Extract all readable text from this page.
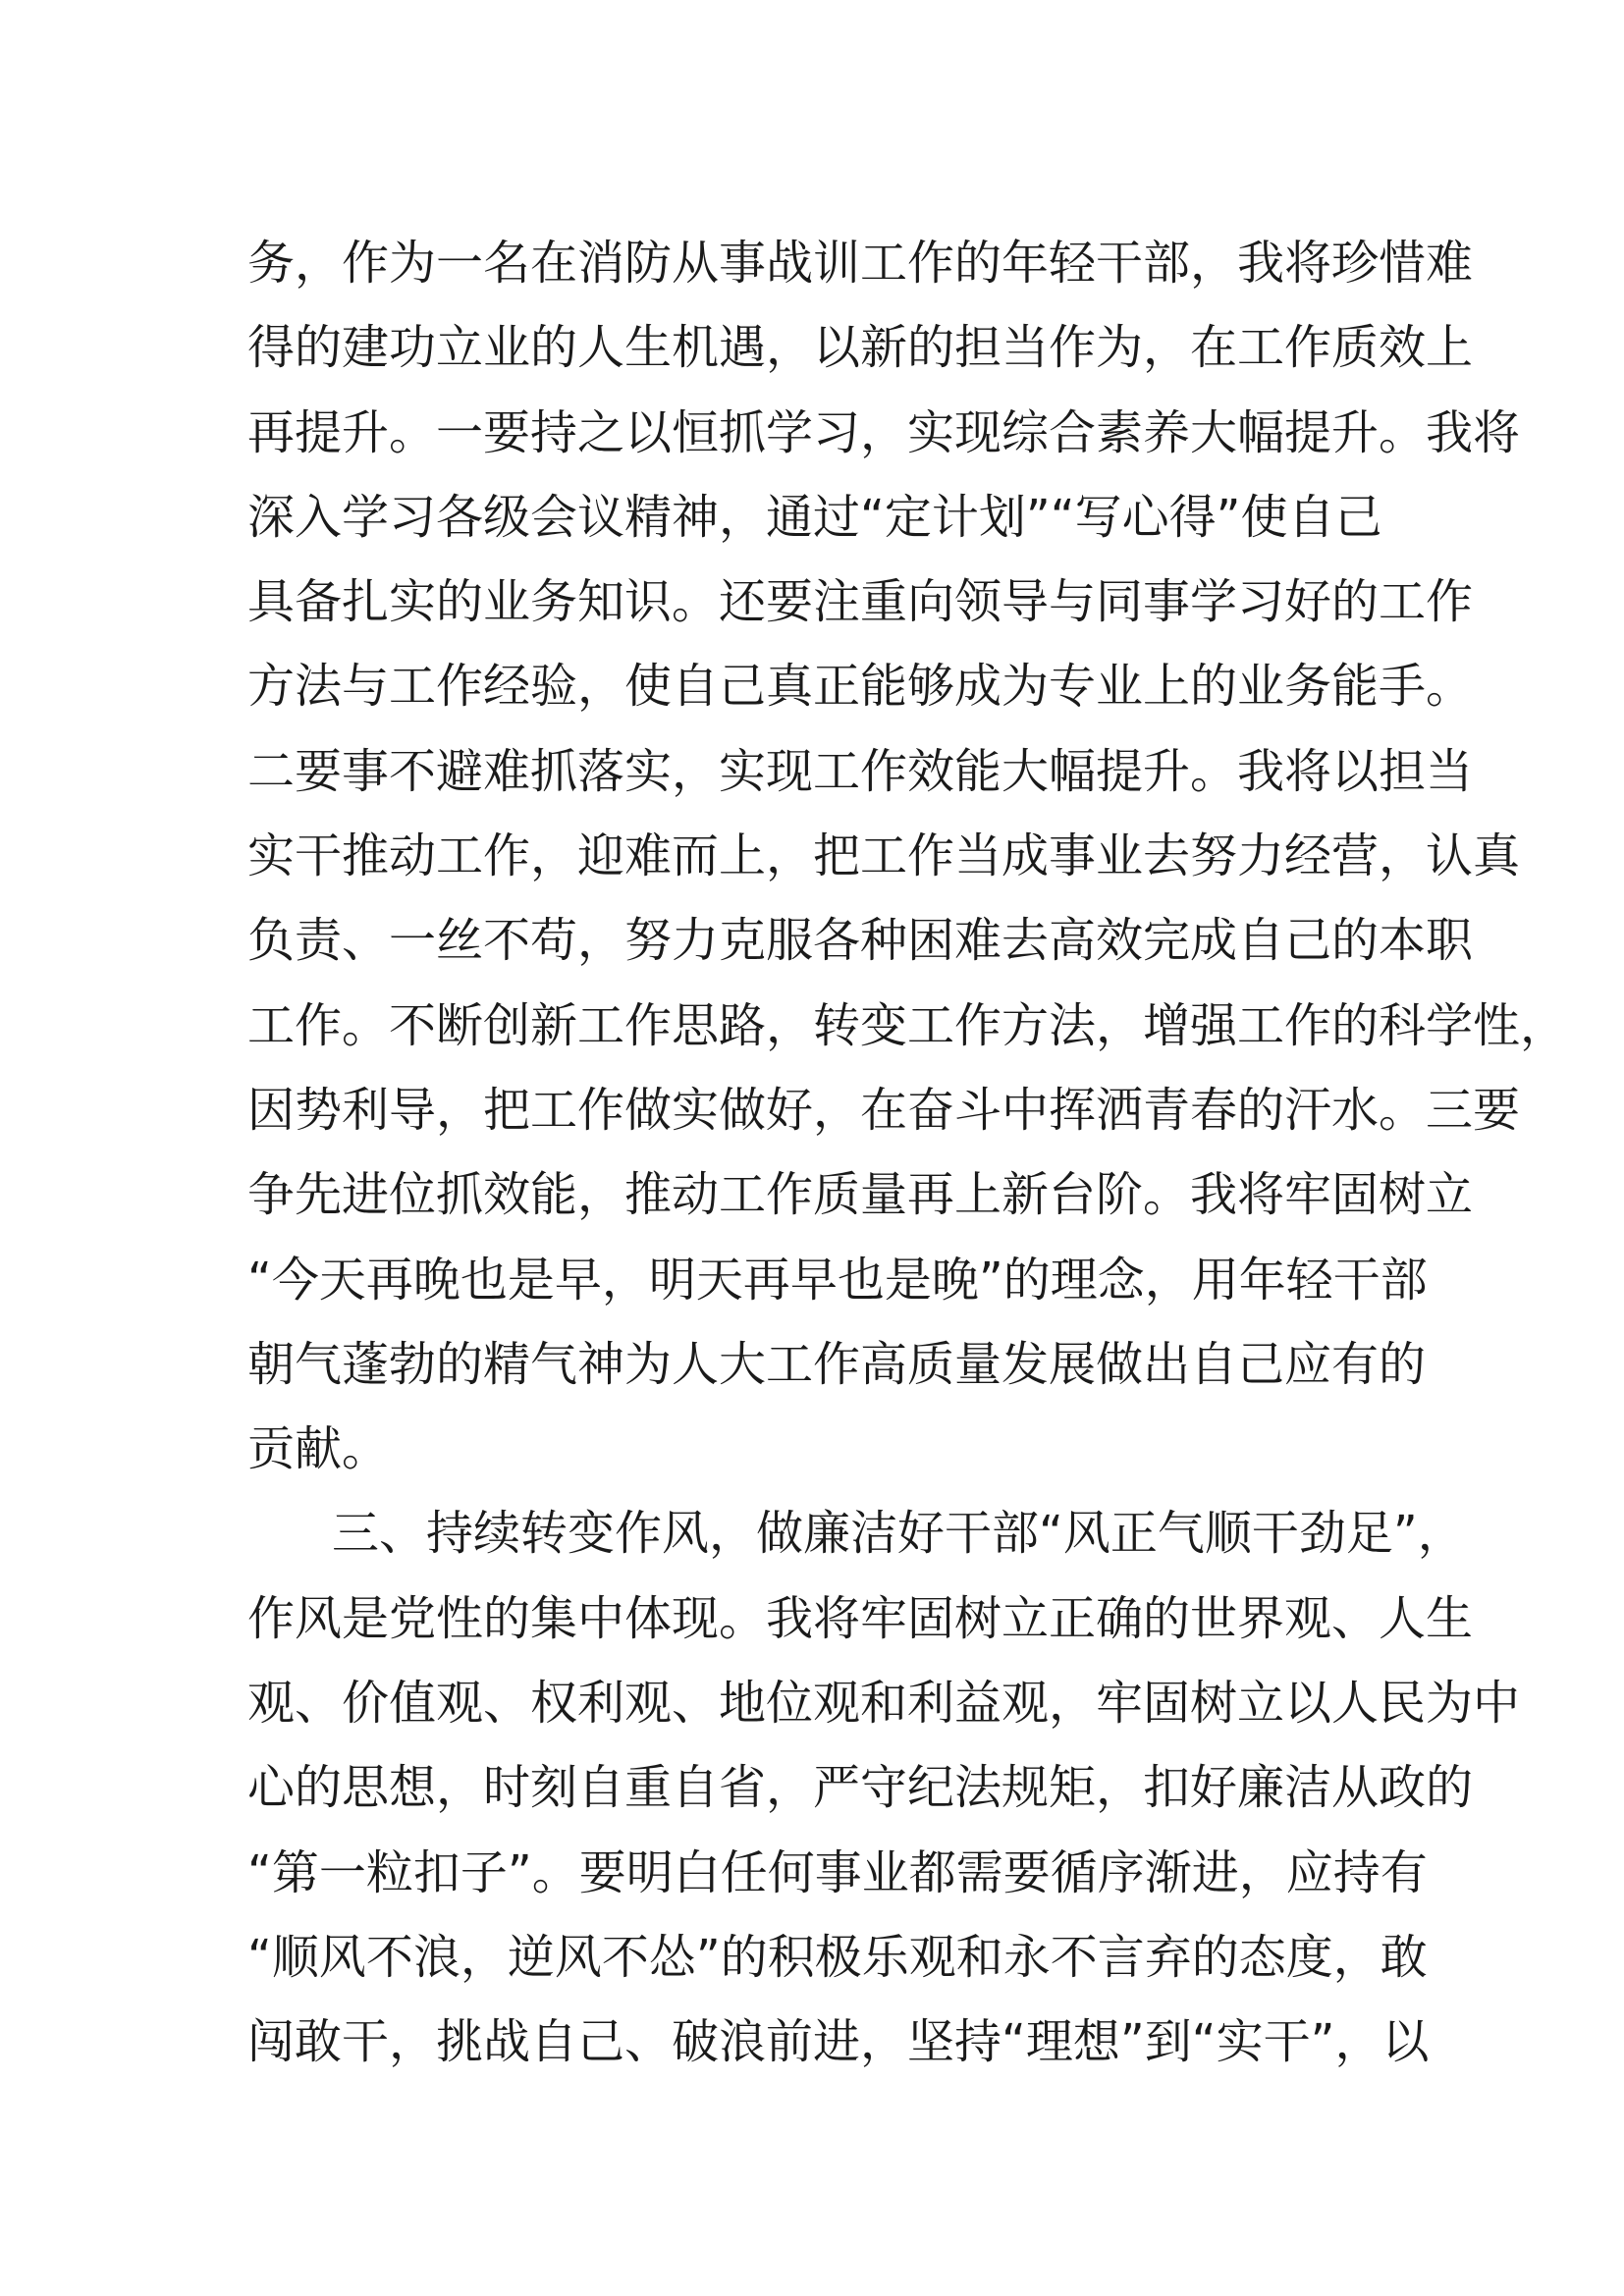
务，作为一名在消防从事战训工作的年轻干部，我将珍惜难
得的建功立业的人生机遇，以新的担当作为，在工作质效上
再提升。一要持之以恒抓学习，实现综合素养大幅提升。我将
深入学习各级会议精神，通过“定计划”“写心得”使自己
具备扎实的业务知识。还要注重向领导与同事学习好的工作
方法与工作经验，使自己真正能够成为专业上的业务能手。
二要事不避难抓落实，实现工作效能大幅提升。我将以担当
实干推动工作，迎难而上，把工作当成事业去努力经营，认真
负责、一丝不苟，努力克服各种困难去高效完成自己的本职
工作。不断创新工作思路，转变工作方法，增强工作的科学性，
因势利导，把工作做实做好，在奋斗中挥洒青春的汗水。三要
争先进位抓效能，推动工作质量再上新台阶。我将牢固树立
“今天再晚也是早，明天再早也是晚”的理念，用年轻干部
朝气蓬勃的精气神为人大工作高质量发展做出自己应有的
贡献。
三、持续转变作风，做廉洁好干部“风正气顺干劲足”，
作风是党性的集中体现。我将牢固树立正确的世界观、人生
观、价值观、权利观、地位观和利益观，牢固树立以人民为中
心的思想，时刻自重自省，严守纪法规矩，扣好廉洁从政的
“第一粒扣子”。要明白任何事业都需要循序渐进，应持有
“顺风不浪，逆风不怂”的积极乐观和永不言弃的态度，敢
闯敢干，挑战自己、破浪前进，坚持“理想”到“实干”，以
